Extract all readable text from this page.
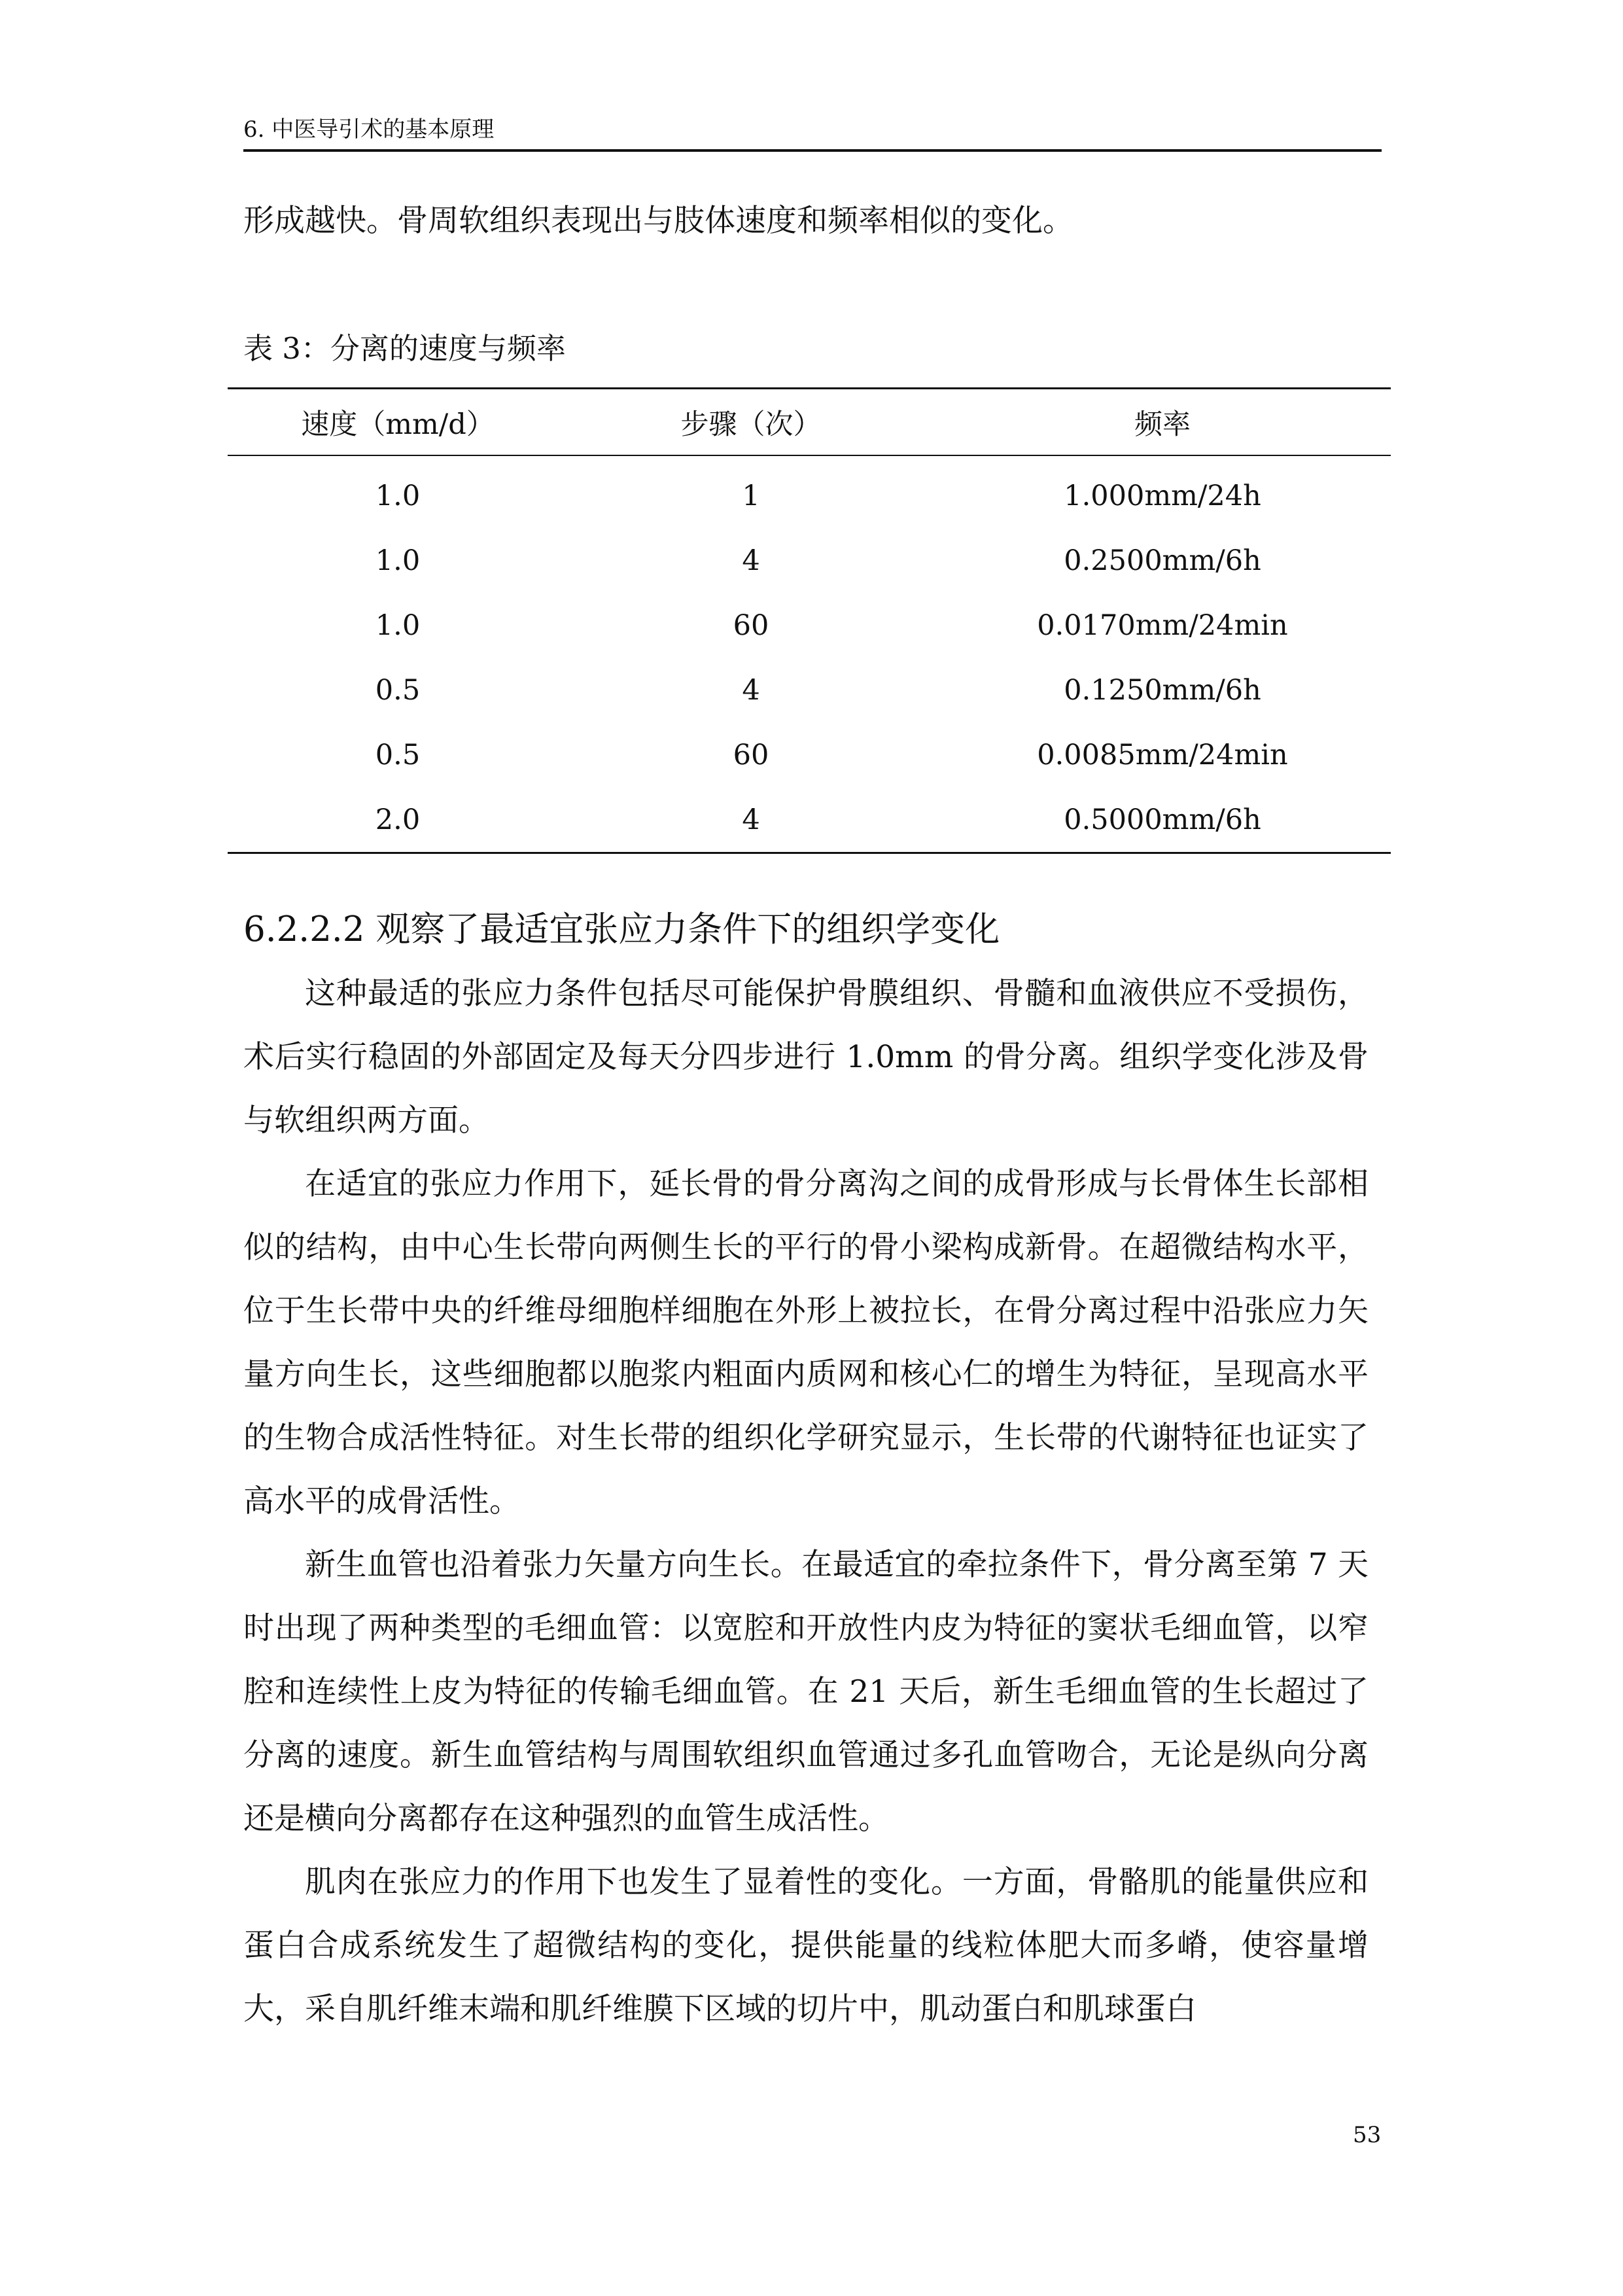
6. 中医导引术的基本原理
形成越快。骨周软组织表现出与肢体速度和频率相似的变化。
表 3：分离的速度与频率
速度（mm/d）	步骤（次）	频率
1.0	1	1.000mm/24h
1.0	4	0.2500mm/6h
1.0	60	0.0170mm/24min
0.5	4	0.1250mm/6h
0.5	60	0.0085mm/24min
2.0	4	0.5000mm/6h
6.2.2.2 观察了最适宜张应力条件下的组织学变化

这种最适的张应力条件包括尽可能保护骨膜组织、骨髓和血液供应不受损伤，术后实行稳固的外部固定及每天分四步进行 1.0mm 的骨分离。组织学变化涉及骨与软组织两方面。

在适宜的张应力作用下，延长骨的骨分离沟之间的成骨形成与长骨体生长部相似的结构，由中心生长带向两侧生长的平行的骨小梁构成新骨。在超微结构水平，位于生长带中央的纤维母细胞样细胞在外形上被拉长，在骨分离过程中沿张应力矢量方向生长，这些细胞都以胞浆内粗面内质网和核心仁的增生为特征，呈现高水平的生物合成活性特征。对生长带的组织化学研究显示，生长带的代谢特征也证实了高水平的成骨活性。

新生血管也沿着张力矢量方向生长。在最适宜的牵拉条件下，骨分离至第 7 天时出现了两种类型的毛细血管：以宽腔和开放性内皮为特征的窦状毛细血管，以窄腔和连续性上皮为特征的传输毛细血管。在 21 天后，新生毛细血管的生长超过了分离的速度。新生血管结构与周围软组织血管通过多孔血管吻合，无论是纵向分离还是横向分离都存在这种强烈的血管生成活性。

肌肉在张应力的作用下也发生了显着性的变化。一方面，骨骼肌的能量供应和蛋白合成系统发生了超微结构的变化，提供能量的线粒体肥大而多嵴，使容量增大，采自肌纤维末端和肌纤维膜下区域的切片中，肌动蛋白和肌球蛋白

53
